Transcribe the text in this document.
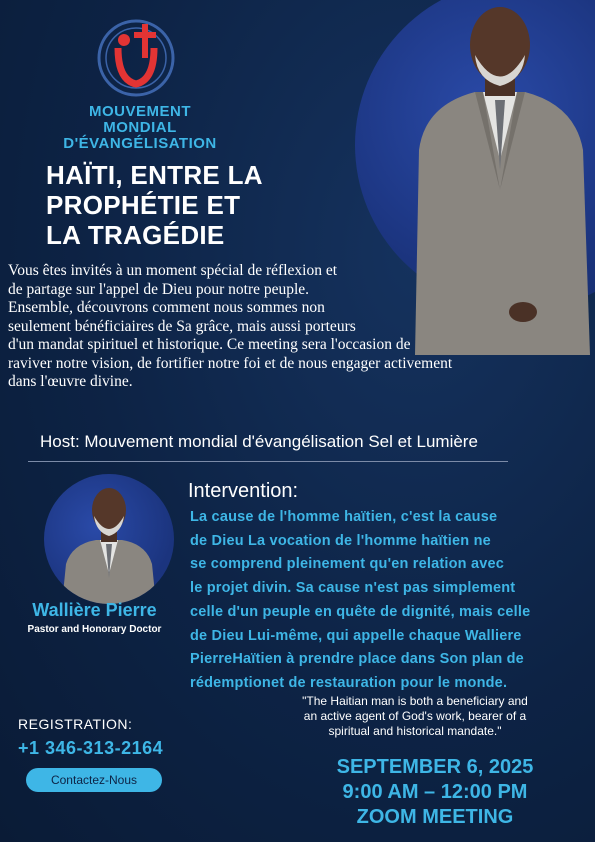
MOUVEMENT
MONDIAL
D'ÉVANGÉLISATION
HAÏTI, ENTRE LA
PROPHÉTIE ET
LA TRAGÉDIE
Vous êtes invités à un moment spécial de réflexion et
de partage sur l'appel de Dieu pour notre peuple.
Ensemble, découvrons comment nous sommes non
seulement bénéficiaires de Sa grâce, mais aussi porteurs
d'un mandat spirituel et historique. Ce meeting sera l'occasion de
raviver notre vision, de fortifier notre foi et de nous engager activement
dans l'œuvre divine.
Host: Mouvement mondial d'évangélisation Sel et Lumière
Wallière Pierre
Pastor and Honorary Doctor
Intervention:
La cause de l'homme haïtien, c'est la cause
de Dieu La vocation de l'homme haïtien ne
se comprend pleinement qu'en relation avec
le projet divin. Sa cause n'est pas simplement
celle d'un peuple en quête de dignité, mais celle
de Dieu Lui-même, qui appelle chaque Walliere
PierreHaïtien à prendre place dans Son plan de
rédemptionet de restauration pour le monde.
"The Haitian man is both a beneficiary and
an active agent of God's work, bearer of a
spiritual and historical mandate."
REGISTRATION:
+1 346-313-2164
Contactez-Nous
SEPTEMBER 6, 2025
9:00 AM – 12:00 PM
ZOOM MEETING
